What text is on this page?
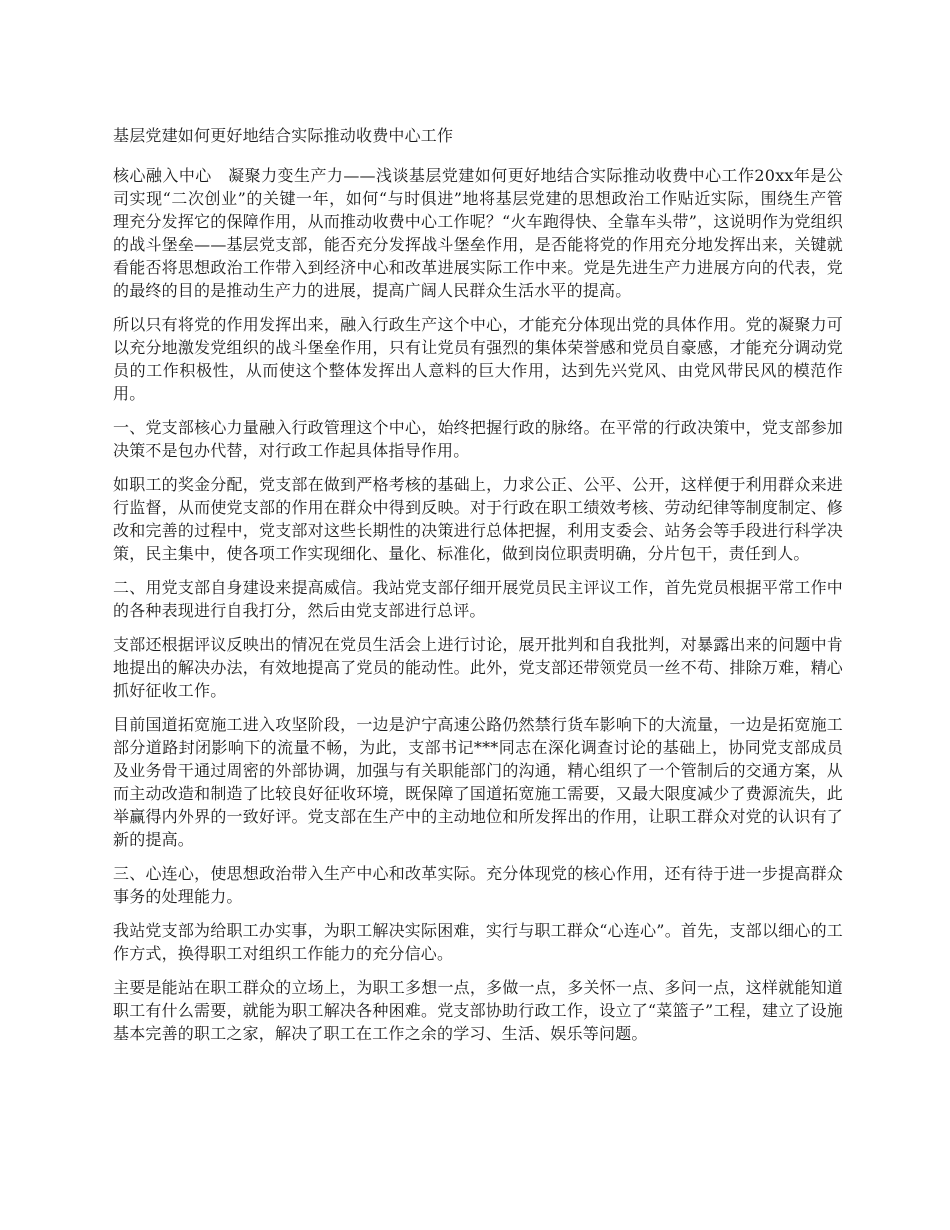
基层党建如何更好地结合实际推动收费中心工作

核心融入中心　凝聚力变生产力——浅谈基层党建如何更好地结合实际推动收费中心工作20xx年是公司实现“二次创业”的关键一年，如何“与时俱进”地将基层党建的思想政治工作贴近实际，围绕生产管理充分发挥它的保障作用，从而推动收费中心工作呢？“火车跑得快、全靠车头带”，这说明作为党组织的战斗堡垒——基层党支部，能否充分发挥战斗堡垒作用，是否能将党的作用充分地发挥出来，关键就看能否将思想政治工作带入到经济中心和改革进展实际工作中来。党是先进生产力进展方向的代表，党的最终的目的是推动生产力的进展，提高广阔人民群众生活水平的提高。

所以只有将党的作用发挥出来，融入行政生产这个中心，才能充分体现出党的具体作用。党的凝聚力可以充分地激发党组织的战斗堡垒作用，只有让党员有强烈的集体荣誉感和党员自豪感，才能充分调动党员的工作积极性，从而使这个整体发挥出人意料的巨大作用，达到先兴党风、由党风带民风的模范作用。

一、党支部核心力量融入行政管理这个中心，始终把握行政的脉络。在平常的行政决策中，党支部参加决策不是包办代替，对行政工作起具体指导作用。

如职工的奖金分配，党支部在做到严格考核的基础上，力求公正、公平、公开，这样便于利用群众来进行监督，从而使党支部的作用在群众中得到反映。对于行政在职工绩效考核、劳动纪律等制度制定、修改和完善的过程中，党支部对这些长期性的决策进行总体把握，利用支委会、站务会等手段进行科学决策，民主集中，使各项工作实现细化、量化、标准化，做到岗位职责明确，分片包干，责任到人。

二、用党支部自身建设来提高威信。我站党支部仔细开展党员民主评议工作，首先党员根据平常工作中的各种表现进行自我打分，然后由党支部进行总评。

支部还根据评议反映出的情况在党员生活会上进行讨论，展开批判和自我批判，对暴露出来的问题中肯地提出的解决办法，有效地提高了党员的能动性。此外，党支部还带领党员一丝不苟、排除万难，精心抓好征收工作。

目前国道拓宽施工进入攻坚阶段，一边是沪宁高速公路仍然禁行货车影响下的大流量，一边是拓宽施工部分道路封闭影响下的流量不畅，为此，支部书记***同志在深化调查讨论的基础上，协同党支部成员及业务骨干通过周密的外部协调，加强与有关职能部门的沟通，精心组织了一个管制后的交通方案，从而主动改造和制造了比较良好征收环境，既保障了国道拓宽施工需要，又最大限度减少了费源流失，此举赢得内外界的一致好评。党支部在生产中的主动地位和所发挥出的作用，让职工群众对党的认识有了新的提高。

三、心连心，使思想政治带入生产中心和改革实际。充分体现党的核心作用，还有待于进一步提高群众事务的处理能力。

我站党支部为给职工办实事，为职工解决实际困难，实行与职工群众“心连心”。首先，支部以细心的工作方式，换得职工对组织工作能力的充分信心。

主要是能站在职工群众的立场上，为职工多想一点，多做一点，多关怀一点、多问一点，这样就能知道职工有什么需要，就能为职工解决各种困难。党支部协助行政工作，设立了“菜篮子”工程，建立了设施基本完善的职工之家，解决了职工在工作之余的学习、生活、娱乐等问题。
